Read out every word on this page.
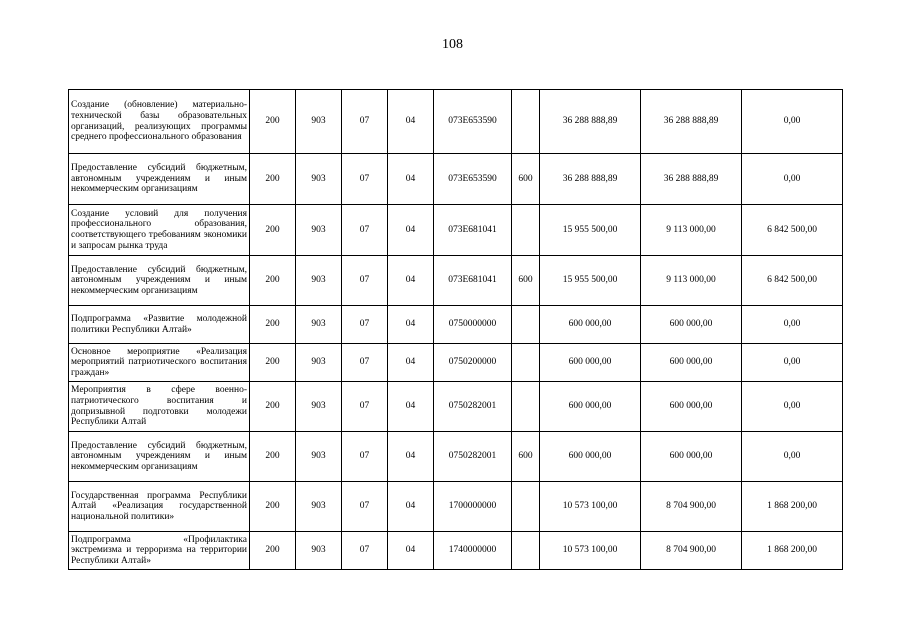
108
Создание (обновление) материально-технической базы образовательных организаций, реализующих программы среднего профессионального образования	200	903	07	04	073E653590		36 288 888,89	36 288 888,89	0,00
Предоставление субсидий бюджетным, автономным учреждениям и иным некоммерческим организациям	200	903	07	04	073E653590	600	36 288 888,89	36 288 888,89	0,00
Создание условий для получения профессионального образования, соответствующего требованиям экономики и запросам рынка труда	200	903	07	04	073E681041		15 955 500,00	9 113 000,00	6 842 500,00
Предоставление субсидий бюджетным, автономным учреждениям и иным некоммерческим организациям	200	903	07	04	073E681041	600	15 955 500,00	9 113 000,00	6 842 500,00
Подпрограмма «Развитие молодежной политики Республики Алтай»	200	903	07	04	0750000000		600 000,00	600 000,00	0,00
Основное мероприятие «Реализация мероприятий патриотического воспитания граждан»	200	903	07	04	0750200000		600 000,00	600 000,00	0,00
Мероприятия в сфере военно-патриотического воспитания и допризывной подготовки молодежи Республики Алтай	200	903	07	04	0750282001		600 000,00	600 000,00	0,00
Предоставление субсидий бюджетным, автономным учреждениям и иным некоммерческим организациям	200	903	07	04	0750282001	600	600 000,00	600 000,00	0,00
Государственная программа Республики Алтай «Реализация государственной национальной политики»	200	903	07	04	1700000000		10 573 100,00	8 704 900,00	1 868 200,00
Подпрограмма «Профилактика экстремизма и терроризма на территории Республики Алтай»	200	903	07	04	1740000000		10 573 100,00	8 704 900,00	1 868 200,00
